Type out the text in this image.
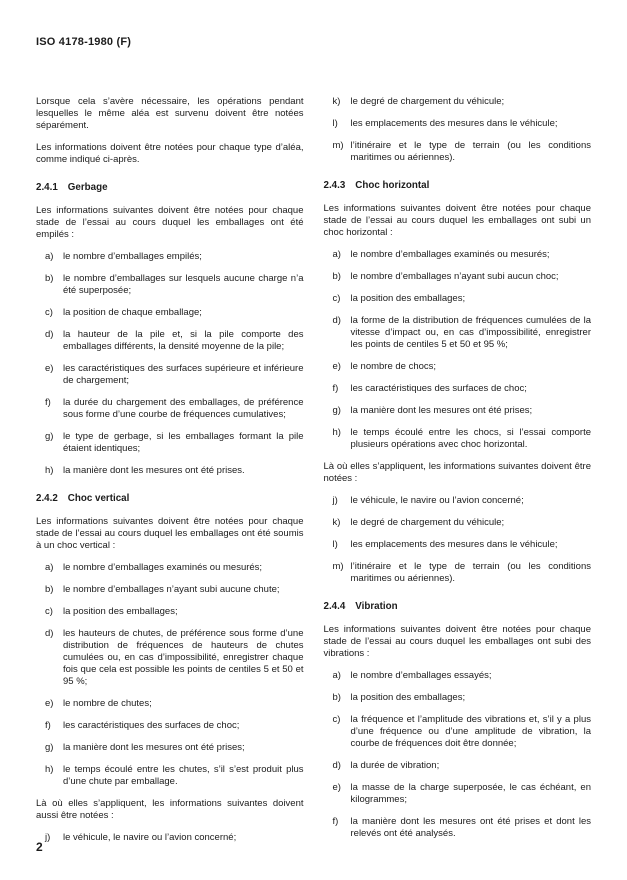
ISO 4178-1980 (F)

Lorsque cela s’avère nécessaire, les opérations pendant lesquelles le même aléa est survenu doivent être notées séparément.

Les informations doivent être notées pour chaque type d’aléa, comme indiqué ci-après.

2.4.1 Gerbage

Les informations suivantes doivent être notées pour chaque stade de l’essai au cours duquel les emballages ont été empilés :

a)	le nombre d’emballages empilés;
b)	le nombre d’emballages sur lesquels aucune charge n’a été superposée;
c)	la position de chaque emballage;
d)	la hauteur de la pile et, si la pile comporte des emballages différents, la densité moyenne de la pile;
e)	les caractéristiques des surfaces supérieure et inférieure de chargement;
f)	la durée du chargement des emballages, de préférence sous forme d’une courbe de fréquences cumulatives;
g)	le type de gerbage, si les emballages formant la pile étaient identiques;
h)	la manière dont les mesures ont été prises.
2.4.2 Choc vertical

Les informations suivantes doivent être notées pour chaque stade de l’essai au cours duquel les emballages ont été soumis à un choc vertical :

a)	le nombre d’emballages examinés ou mesurés;
b)	le nombre d’emballages n’ayant subi aucune chute;
c)	la position des emballages;
d)	les hauteurs de chutes, de préférence sous forme d’une distribution de fréquences de hauteurs de chutes cumulées ou, en cas d’impossibilité, enregistrer chaque fois que cela est possible les points de centiles 5 et 50 et 95 %;
e)	le nombre de chutes;
f)	les caractéristiques des surfaces de choc;
g)	la manière dont les mesures ont été prises;
h)	le temps écoulé entre les chutes, s’il s’est produit plus d’une chute par emballage.

Là où elles s’appliquent, les informations suivantes doivent aussi être notées :

j)	le véhicule, le navire ou l’avion concerné;
k)	le degré de chargement du véhicule;
l)	les emplacements des mesures dans le véhicule;
m) l’itinéraire et le type de terrain (ou les conditions maritimes ou aériennes).
2.4.3 Choc horizontal

Les informations suivantes doivent être notées pour chaque stade de l’essai au cours duquel les emballages ont subi un choc horizontal :

a)	le nombre d’emballages examinés ou mesurés;
b)	le nombre d’emballages n’ayant subi aucun choc;
c)	la position des emballages;
d)	la forme de la distribution de fréquences cumulées de la vitesse d’impact ou, en cas d’impossibilité, enregistrer les points de centiles 5 et 50 et 95 %;
e)	le nombre de chocs;
f)	les caractéristiques des surfaces de choc;
g)	la manière dont les mesures ont été prises;
h)	le temps écoulé entre les chocs, si l’essai comporte plusieurs opérations avec choc horizontal.

Là où elles s’appliquent, les informations suivantes doivent être notées :

j)	le véhicule, le navire ou l’avion concerné;
k)	le degré de chargement du véhicule;
l)	les emplacements des mesures dans le véhicule;
m) l’itinéraire et le type de terrain (ou les conditions maritimes ou aériennes).
2.4.4 Vibration

Les informations suivantes doivent être notées pour chaque stade de l’essai au cours duquel les emballages ont subi des vibrations :

a)	le nombre d’emballages essayés;
b)	la position des emballages;
c)	la fréquence et l’amplitude des vibrations et, s’il y a plus d’une fréquence ou d’une amplitude de vibration, la courbe de fréquences doit être donnée;
d)	la durée de vibration;
e)	la masse de la charge superposée, le cas échéant, en kilogrammes;
f)	la manière dont les mesures ont été prises et dont les relevés ont été analysés.
2
